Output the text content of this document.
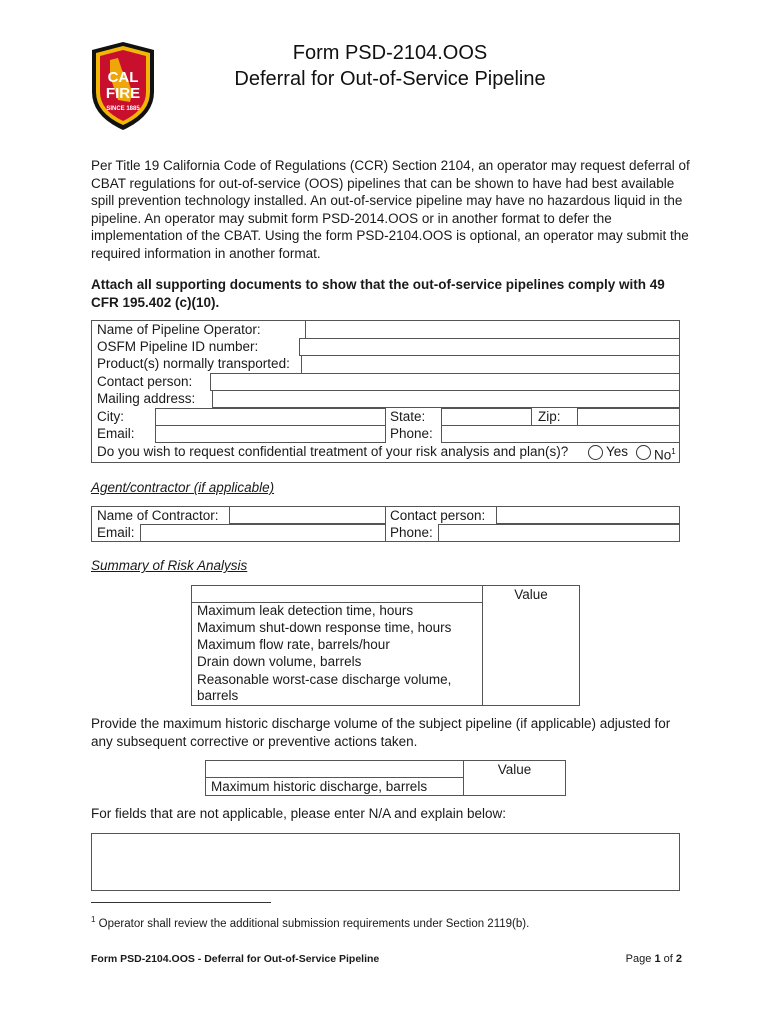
CAL
FIRE
SINCE 1885
Form PSD-2104.OOS
Deferral for Out-of-Service Pipeline
Per Title 19 California Code of Regulations (CCR) Section 2104, an operator may request deferral of CBAT regulations for out-of-service (OOS) pipelines that can be shown to have had best available spill prevention technology installed. An out-of-service pipeline may have no hazardous liquid in the pipeline. An operator may submit form PSD-2014.OOS or in another format to defer the implementation of the CBAT. Using the form PSD-2104.OOS is optional, an operator may submit the required information in another format.
Attach all supporting documents to show that the out-of-service pipelines comply with 49 CFR 195.402 (c)(10).
Name of Pipeline Operator:
OSFM Pipeline ID number:
Product(s) normally transported:
Contact person:
Mailing address:
City:	State:	Zip:
Email:	Phone:
Do you wish to request confidential treatment of your risk analysis and plan(s)?	Yes No$^1$
Agent/contractor (if applicable)
Name of Contractor:	Contact person:
Email:	Phone:
Summary of Risk Analysis
Value
Maximum leak detection time, hours
Maximum shut-down response time, hours
Maximum flow rate, barrels/hour
Drain down volume, barrels
Reasonable worst-case discharge volume,
barrels
Provide the maximum historic discharge volume of the subject pipeline (if applicable) adjusted for any subsequent corrective or preventive actions taken.
Value
Maximum historic discharge, barrels
For fields that are not applicable, please enter N/A and explain below:
$^1$ Operator shall review the additional submission requirements under Section 2119(b).
Form PSD-2104.OOS - Deferral for Out-of-Service Pipeline	Page 1 of 2
